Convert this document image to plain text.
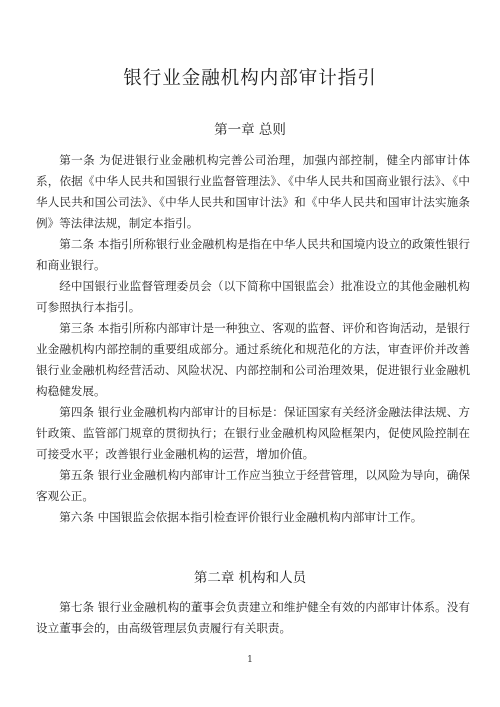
银行业金融机构内部审计指引
第一章 总则

第一条 为促进银行业金融机构完善公司治理，加强内部控制，健全内部审计体系，依据《中华人民共和国银行业监督管理法》、《中华人民共和国商业银行法》、《中华人民共和国公司法》、《中华人民共和国审计法》和《中华人民共和国审计法实施条例》等法律法规，制定本指引。

第二条 本指引所称银行业金融机构是指在中华人民共和国境内设立的政策性银行和商业银行。

经中国银行业监督管理委员会（以下简称中国银监会）批准设立的其他金融机构可参照执行本指引。

第三条 本指引所称内部审计是一种独立、客观的监督、评价和咨询活动，是银行业金融机构内部控制的重要组成部分。通过系统化和规范化的方法，审查评价并改善银行业金融机构经营活动、风险状况、内部控制和公司治理效果，促进银行业金融机构稳健发展。

第四条 银行业金融机构内部审计的目标是：保证国家有关经济金融法律法规、方针政策、监管部门规章的贯彻执行；在银行业金融机构风险框架内，促使风险控制在可接受水平；改善银行业金融机构的运营，增加价值。

第五条 银行业金融机构内部审计工作应当独立于经营管理，以风险为导向，确保客观公正。

第六条 中国银监会依据本指引检查评价银行业金融机构内部审计工作。

第二章 机构和人员

第七条 银行业金融机构的董事会负责建立和维护健全有效的内部审计体系。没有设立董事会的，由高级管理层负责履行有关职责。

1
